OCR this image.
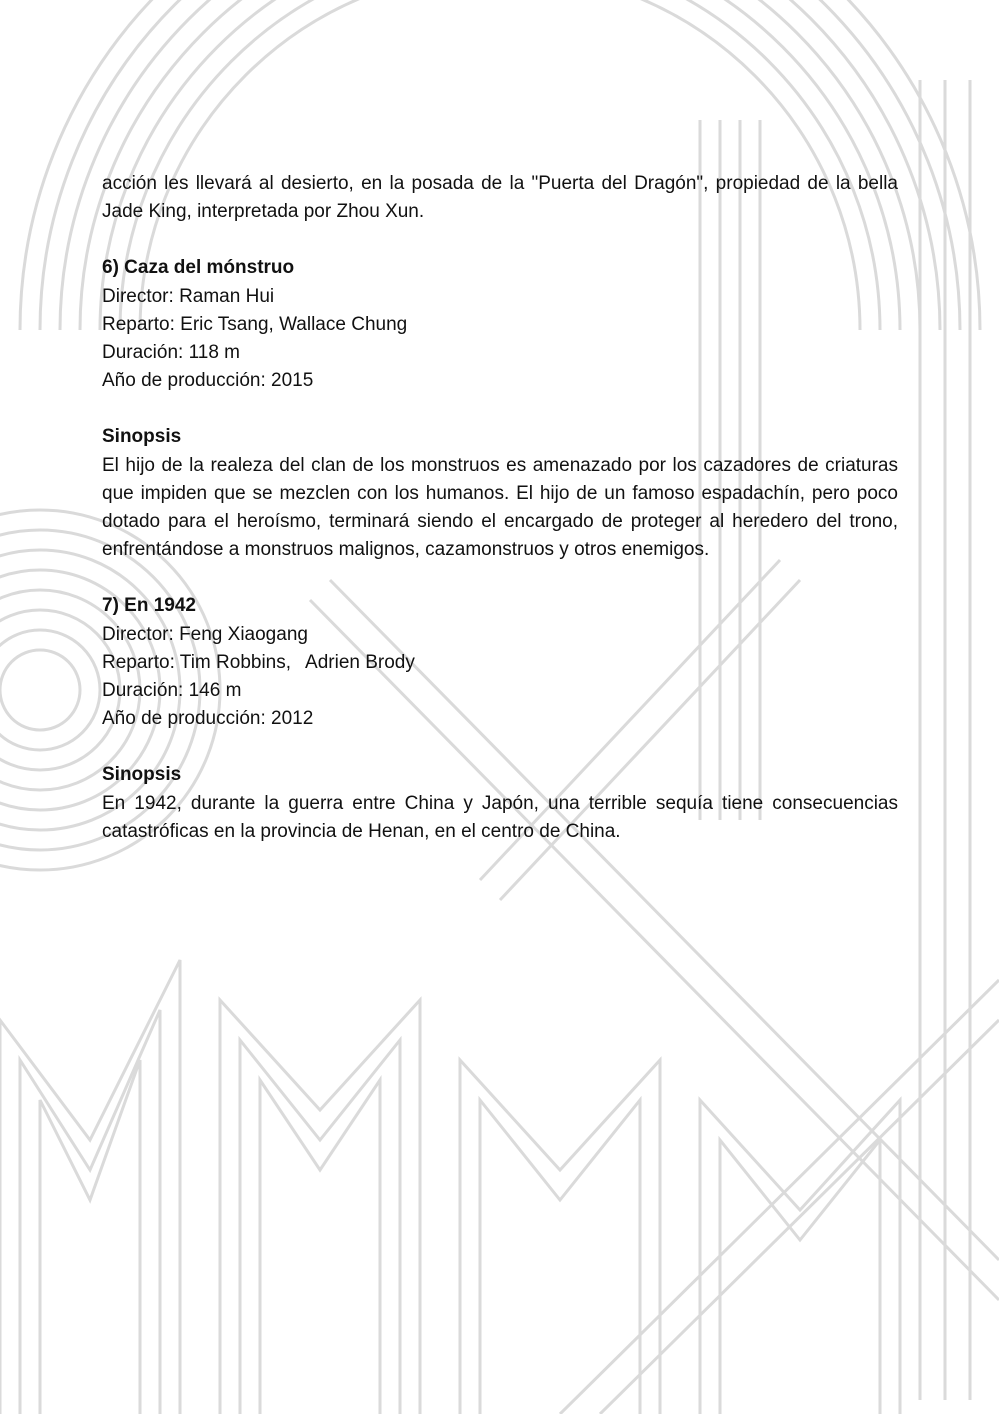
acción les llevará al desierto, en la posada de la "Puerta del Dragón", propiedad de la bella Jade King, interpretada por Zhou Xun.

6) Caza del mónstruo

Director: Raman Hui

Reparto: Eric Tsang, Wallace Chung

Duración: 118 m

Año de producción: 2015

Sinopsis

El hijo de la realeza del clan de los monstruos es amenazado por los cazadores de criaturas que impiden que se mezclen con los humanos. El hijo de un famoso espadachín, pero poco dotado para el heroísmo, terminará siendo el encargado de proteger al heredero del trono, enfrentándose a monstruos malignos, cazamonstruos y otros enemigos.

7) En 1942

Director: Feng Xiaogang

Reparto: Tim Robbins, Adrien Brody

Duración: 146 m

Año de producción: 2012

Sinopsis

En 1942, durante la guerra entre China y Japón, una terrible sequía tiene consecuencias catastróficas en la provincia de Henan, en el centro de China.
